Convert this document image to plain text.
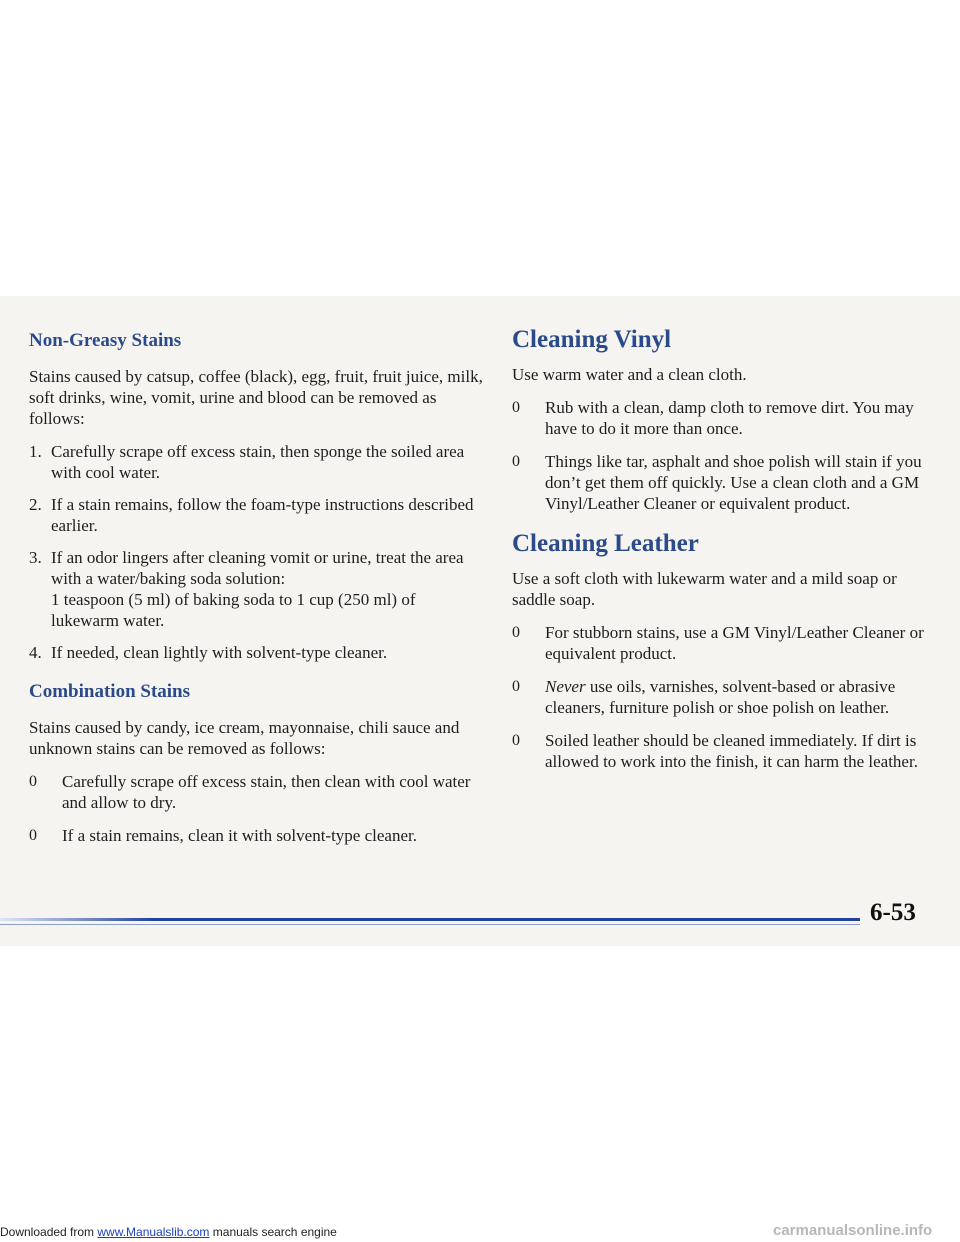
Non-Greasy Stains

Stains caused by catsup, coffee (black), egg, fruit, fruit juice, milk, soft drinks, wine, vomit, urine and blood can be removed as follows:

1. Carefully scrape off excess stain, then sponge the soiled area with cool water.
2. If a stain remains, follow the foam-type instructions described earlier.
3. If an odor lingers after cleaning vomit or urine, treat the area with a water/baking soda solution:
1 teaspoon (5 ml) of baking soda to 1 cup (250 ml) of lukewarm water.
4. If needed, clean lightly with solvent-type cleaner.
Combination Stains

Stains caused by candy, ice cream, mayonnaise, chili sauce and unknown stains can be removed as follows:

0	Carefully scrape off excess stain, then clean with cool water and allow to dry.
0	If a stain remains, clean it with solvent-type cleaner.
Cleaning Vinyl

Use warm water and a clean cloth.

0	Rub with a clean, damp cloth to remove dirt. You may have to do it more than once.
0	Things like tar, asphalt and shoe polish will stain if you don’t get them off quickly. Use a clean cloth and a GM Vinyl/Leather Cleaner or equivalent product.
Cleaning Leather

Use a soft cloth with lukewarm water and a mild soap or saddle soap.

0	For stubborn stains, use a GM Vinyl/Leather Cleaner or equivalent product.
0	Never use oils, varnishes, solvent-based or abrasive cleaners, furniture polish or shoe polish on leather.
0	Soiled leather should be cleaned immediately. If dirt is allowed to work into the finish, it can harm the leather.
6-53
Downloaded from www.Manualslib.com manuals search engine	carmanualsonline.info
